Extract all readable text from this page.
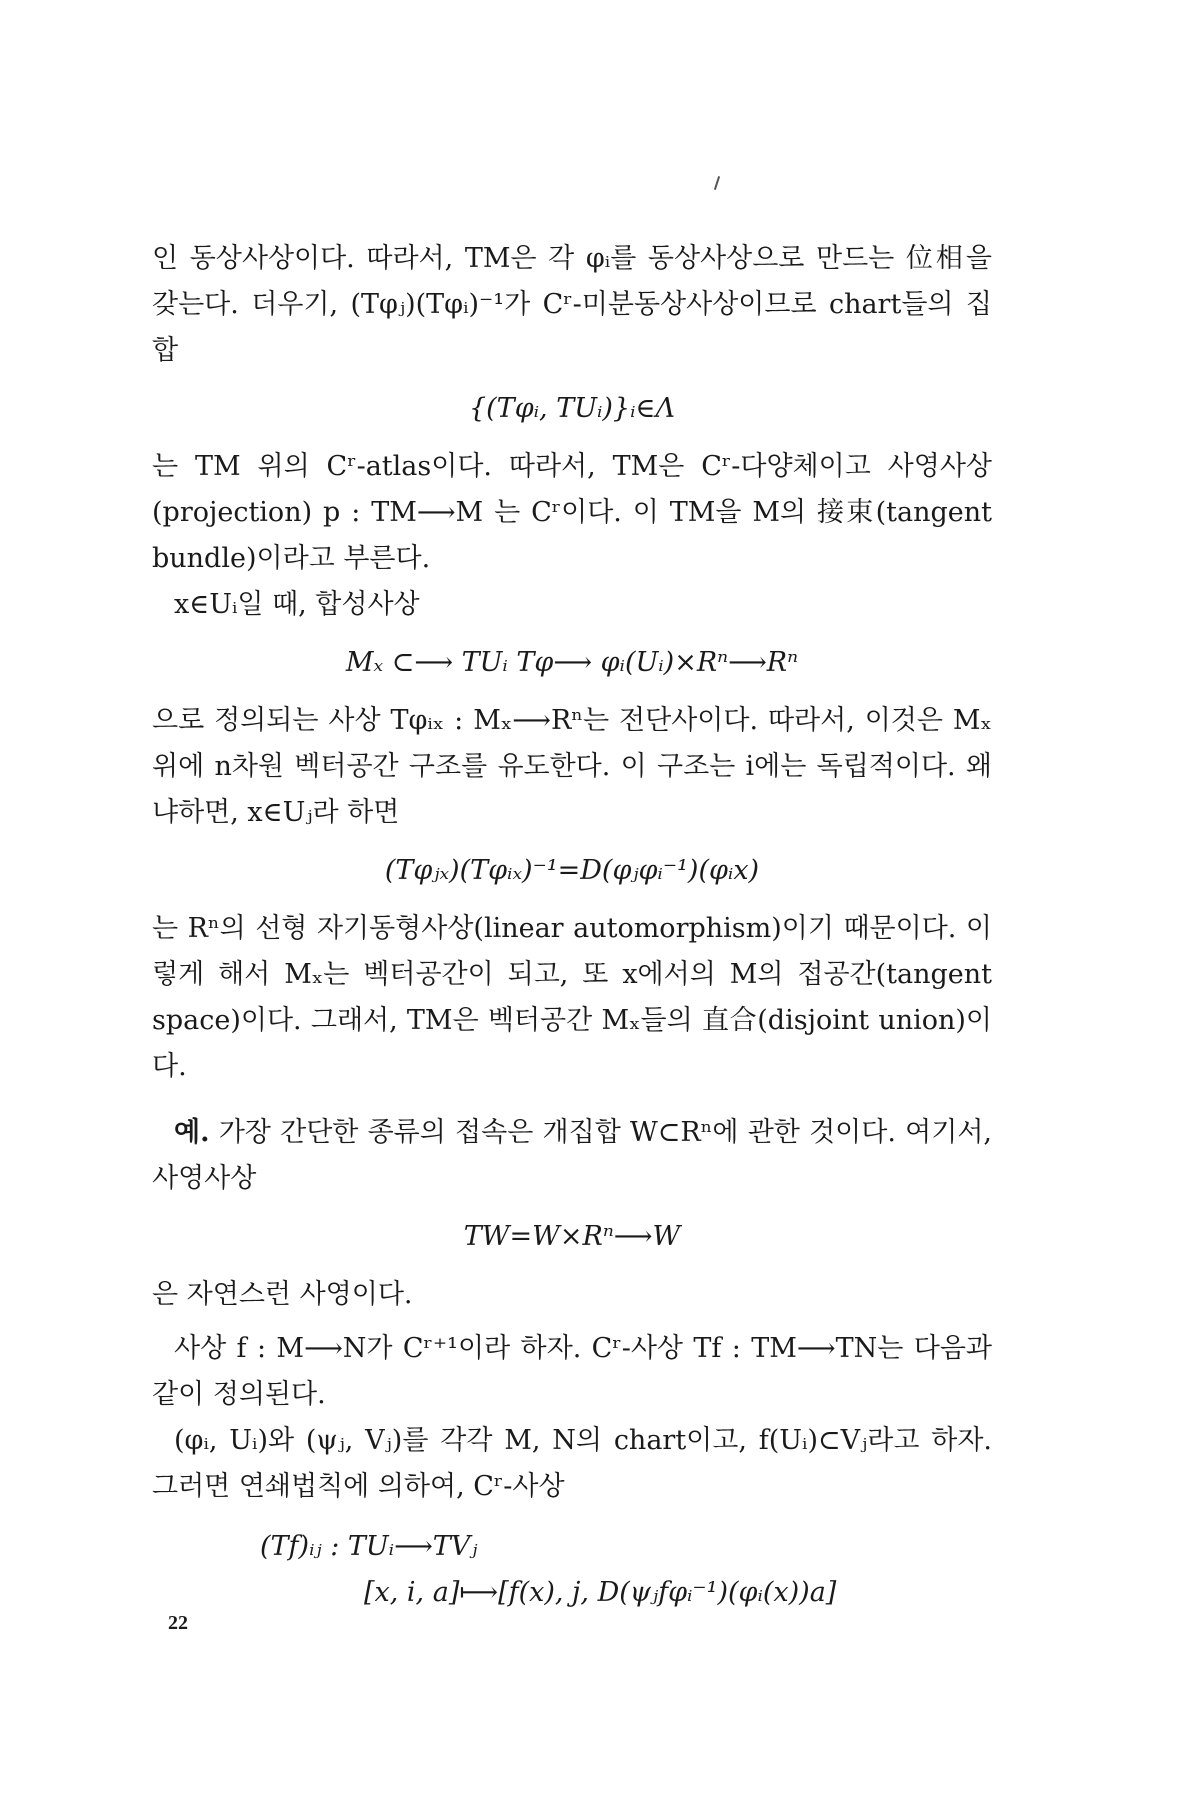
인 동상사상이다. 따라서, TM은 각 φᵢ를 동상사상으로 만드는 位相을 갖는다. 더우기, (Tφⱼ)(Tφᵢ)⁻¹가 Cʳ-미분동상사상이므로 chart들의 집합

{(Tφᵢ, TUᵢ)}ᵢ∈Λ

는 TM 위의 Cʳ-atlas이다. 따라서, TM은 Cʳ-다양체이고 사영사상 (projection) p : TM⟶M 는 Cʳ이다. 이 TM을 M의 接束(tangent bundle)이라고 부른다.

x∈Uᵢ일 때, 합성사상

Mₓ ⊂⟶ TUᵢ Tφ⟶ φᵢ(Uᵢ)×Rⁿ⟶Rⁿ

으로 정의되는 사상 Tφᵢₓ : Mₓ⟶Rⁿ는 전단사이다. 따라서, 이것은 Mₓ 위에 n차원 벡터공간 구조를 유도한다. 이 구조는 i에는 독립적이다. 왜냐하면, x∈Uⱼ라 하면

(Tφⱼₓ)(Tφᵢₓ)⁻¹=D(φⱼφᵢ⁻¹)(φᵢx)

는 Rⁿ의 선형 자기동형사상(linear automorphism)이기 때문이다. 이렇게 해서 Mₓ는 벡터공간이 되고, 또 x에서의 M의 접공간(tangent space)이다. 그래서, TM은 벡터공간 Mₓ들의 直合(disjoint union)이다.

예. 가장 간단한 종류의 접속은 개집합 W⊂Rⁿ에 관한 것이다. 여기서, 사영사상

TW=W×Rⁿ⟶W

은 자연스런 사영이다.

사상 f : M⟶N가 Cʳ⁺¹이라 하자. Cʳ-사상 Tf : TM⟶TN는 다음과 같이 정의된다.

(φᵢ, Uᵢ)와 (ψⱼ, Vⱼ)를 각각 M, N의 chart이고, f(Uᵢ)⊂Vⱼ라고 하자. 그러면 연쇄법칙에 의하여, Cʳ-사상

(Tf)ᵢⱼ : TUᵢ⟶TVⱼ
[x, i, a]⟼[f(x), j, D(ψⱼfφᵢ⁻¹)(φᵢ(x))a]
22
